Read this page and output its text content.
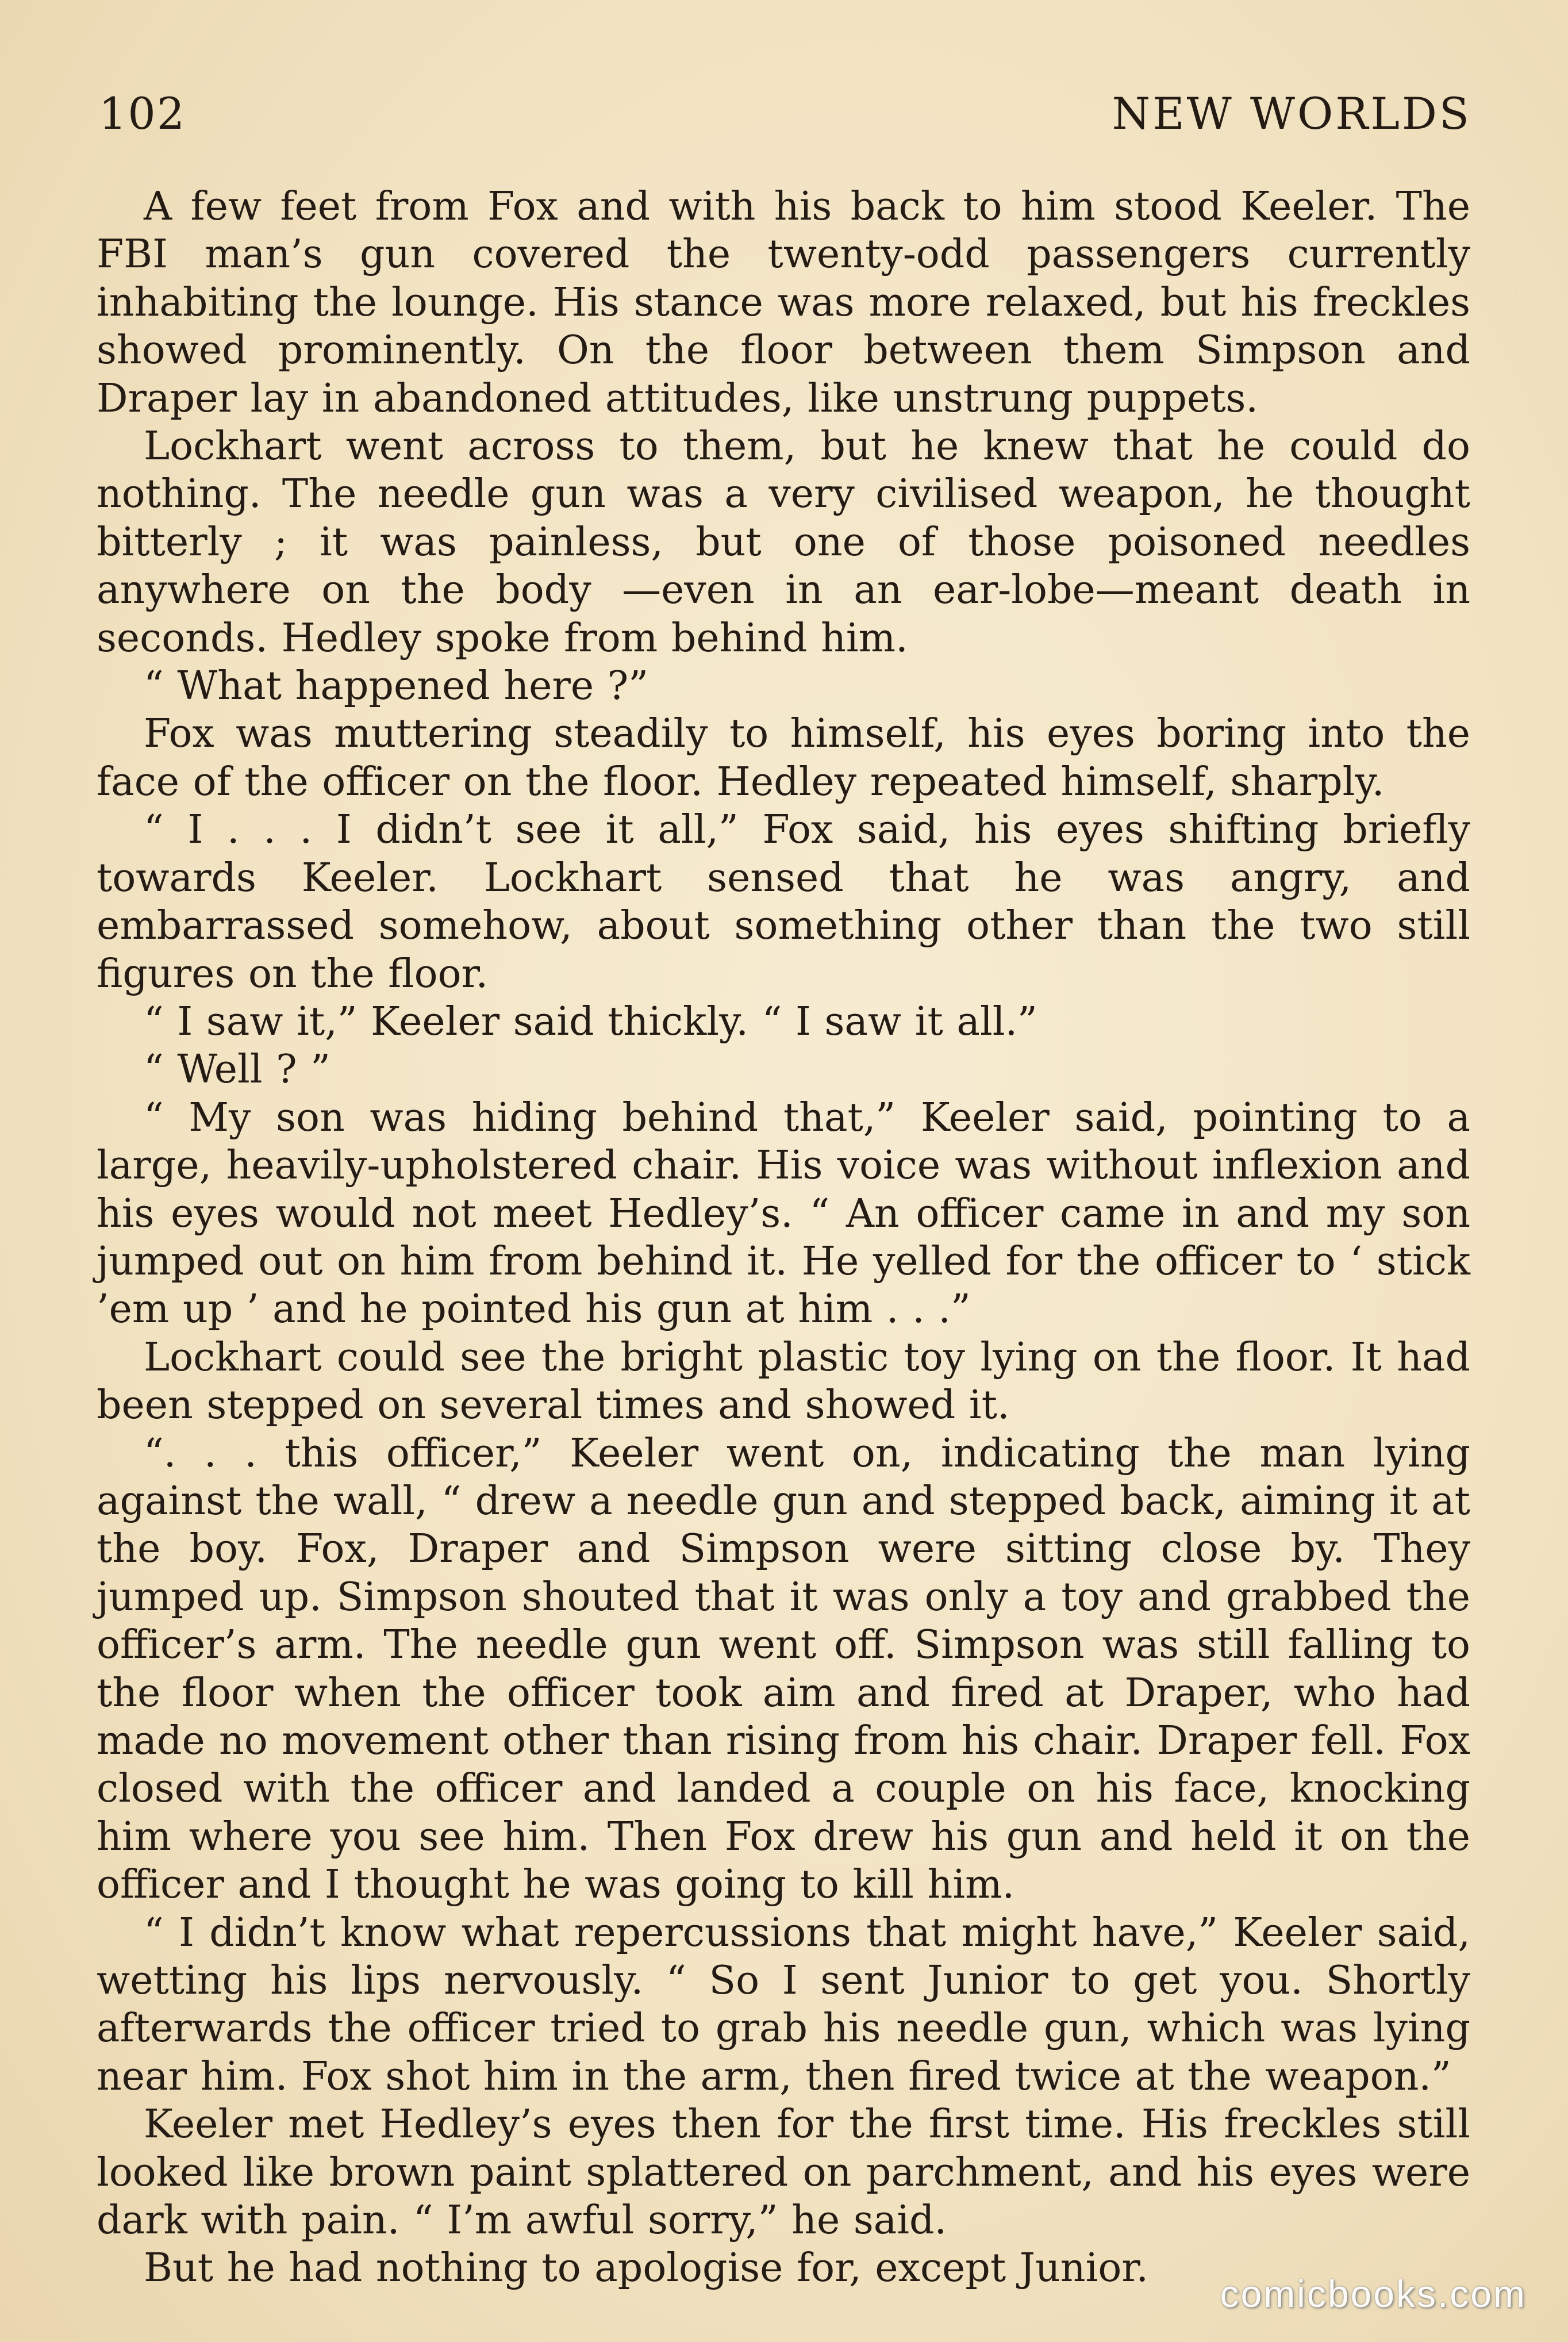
102	NEW WORLDS

A few feet from Fox and with his back to him stood Keeler. The FBI man’s gun covered the twenty-odd passengers currently inhabiting the lounge. His stance was more relaxed, but his freckles showed prominently. On the floor between them Simpson and Draper lay in abandoned attitudes, like unstrung puppets.

Lockhart went across to them, but he knew that he could do nothing. The needle gun was a very civilised weapon, he thought bitterly ; it was painless, but one of those poisoned needles anywhere on the body —even in an ear-lobe—meant death in seconds. Hedley spoke from behind him.

“ What happened here ?”

Fox was muttering steadily to himself, his eyes boring into the face of the officer on the floor. Hedley repeated himself, sharply.

“ I . . . I didn’t see it all,” Fox said, his eyes shifting briefly towards Keeler. Lockhart sensed that he was angry, and embarrassed somehow, about something other than the two still figures on the floor.

“ I saw it,” Keeler said thickly. “ I saw it all.”

“ Well ? ”

“ My son was hiding behind that,” Keeler said, pointing to a large, heavily-upholstered chair. His voice was without inflexion and his eyes would not meet Hedley’s. “ An officer came in and my son jumped out on him from behind it. He yelled for the officer to ‘ stick ’em up ’ and he pointed his gun at him . . .”

Lockhart could see the bright plastic toy lying on the floor. It had been stepped on several times and showed it.

“. . . this officer,” Keeler went on, indicating the man lying against the wall, “ drew a needle gun and stepped back, aiming it at the boy. Fox, Draper and Simpson were sitting close by. They jumped up. Simpson shouted that it was only a toy and grabbed the officer’s arm. The needle gun went off. Simpson was still falling to the floor when the officer took aim and fired at Draper, who had made no movement other than rising from his chair. Draper fell. Fox closed with the officer and landed a couple on his face, knocking him where you see him. Then Fox drew his gun and held it on the officer and I thought he was going to kill him.

“ I didn’t know what repercussions that might have,” Keeler said, wetting his lips nervously. “ So I sent Junior to get you. Shortly afterwards the officer tried to grab his needle gun, which was lying near him. Fox shot him in the arm, then fired twice at the weapon.”

Keeler met Hedley’s eyes then for the first time. His freckles still looked like brown paint splattered on parchment, and his eyes were dark with pain. “ I’m awful sorry,” he said.

But he had nothing to apologise for, except Junior.

comicbooks.com
